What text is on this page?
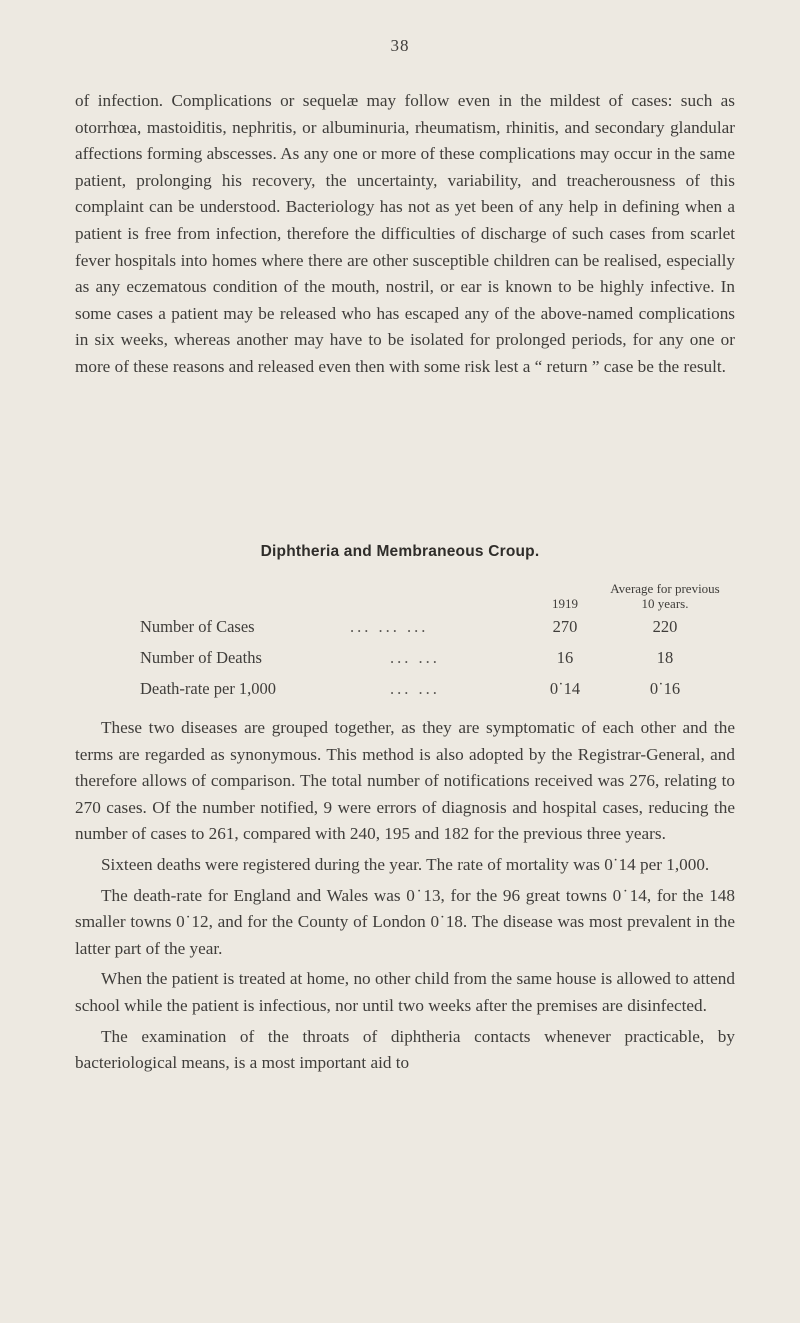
38

of infection. Complications or sequelæ may follow even in the mildest of cases: such as otorrhœa, mastoiditis, nephritis, or albuminuria, rheumatism, rhinitis, and secondary glandular affections forming abscesses. As any one or more of these complications may occur in the same patient, prolonging his recovery, the uncertainty, variability, and treacherousness of this complaint can be understood. Bacteriology has not as yet been of any help in defining when a patient is free from infection, therefore the difficulties of discharge of such cases from scarlet fever hospitals into homes where there are other susceptible children can be realised, especially as any eczematous condition of the mouth, nostril, or ear is known to be highly infective. In some cases a patient may be released who has escaped any of the above-named complications in six weeks, whereas another may have to be isolated for prolonged periods, for any one or more of these reasons and released even then with some risk lest a “ return ” case be the result.

Diphtheria and Membraneous Croup.
		1919	Average for previous 10 years.
Number of Cases	... ... ...	270	220
Number of Deaths	... ...	16	18
Death-rate per 1,000	... ...	0˙14	0˙16

These two diseases are grouped together, as they are symptomatic of each other and the terms are regarded as synonymous. This method is also adopted by the Registrar-General, and therefore allows of comparison. The total number of notifications received was 276, relating to 270 cases. Of the number notified, 9 were errors of diagnosis and hospital cases, reducing the number of cases to 261, compared with 240, 195 and 182 for the previous three years.

Sixteen deaths were registered during the year. The rate of mortality was 0˙14 per 1,000.

The death-rate for England and Wales was 0˙13, for the 96 great towns 0˙14, for the 148 smaller towns 0˙12, and for the County of London 0˙18. The disease was most prevalent in the latter part of the year.

When the patient is treated at home, no other child from the same house is allowed to attend school while the patient is infectious, nor until two weeks after the premises are disinfected.

The examination of the throats of diphtheria contacts whenever practicable, by bacteriological means, is a most important aid to
